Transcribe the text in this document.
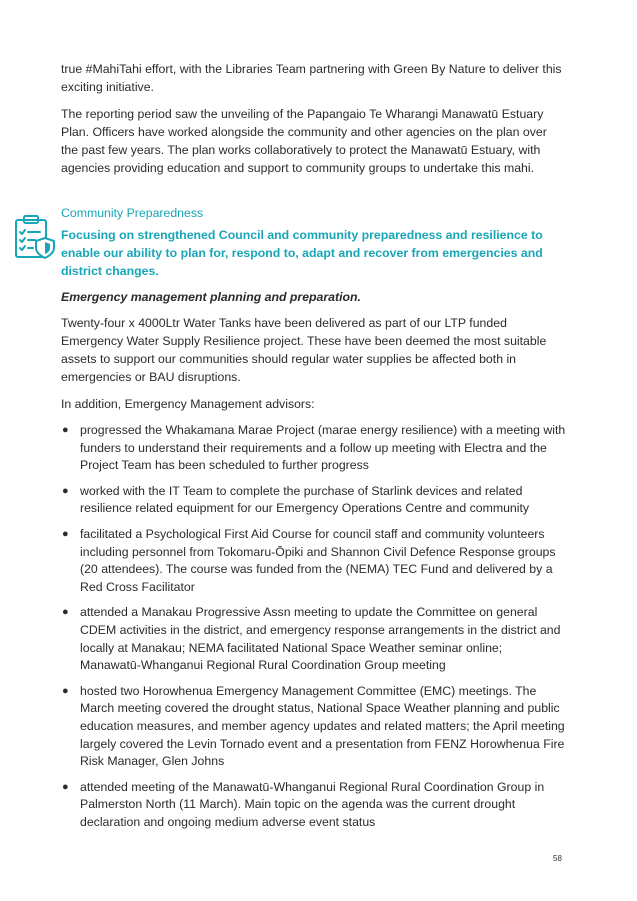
true #MahiTahi effort, with the Libraries Team partnering with Green By Nature to deliver this exciting initiative.

The reporting period saw the unveiling of the Papangaio Te Wharangi Manawatū Estuary Plan. Officers have worked alongside the community and other agencies on the plan over the past few years. The plan works collaboratively to protect the Manawatū Estuary, with agencies providing education and support to community groups to undertake this mahi.

Community Preparedness
Focusing on strengthened Council and community preparedness and resilience to enable our ability to plan for, respond to, adapt and recover from emergencies and district changes.
Emergency management planning and preparation.

Twenty-four x 4000Ltr Water Tanks have been delivered as part of our LTP funded Emergency Water Supply Resilience project. These have been deemed the most suitable assets to support our communities should regular water supplies be affected both in emergencies or BAU disruptions.

In addition, Emergency Management advisors:

● progressed the Whakamana Marae Project (marae energy resilience) with a meeting with funders to understand their requirements and a follow up meeting with Electra and the Project Team has been scheduled to further progress
● worked with the IT Team to complete the purchase of Starlink devices and related resilience related equipment for our Emergency Operations Centre and community
● facilitated a Psychological First Aid Course for council staff and community volunteers including personnel from Tokomaru-Ōpiki and Shannon Civil Defence Response groups (20 attendees). The course was funded from the (NEMA) TEC Fund and delivered by a Red Cross Facilitator
● attended a Manakau Progressive Assn meeting to update the Committee on general CDEM activities in the district, and emergency response arrangements in the district and locally at Manakau; NEMA facilitated National Space Weather seminar online; Manawatū-Whanganui Regional Rural Coordination Group meeting
● hosted two Horowhenua Emergency Management Committee (EMC) meetings. The March meeting covered the drought status, National Space Weather planning and public education measures, and member agency updates and related matters; the April meeting largely covered the Levin Tornado event and a presentation from FENZ Horowhenua Fire Risk Manager, Glen Johns
● attended meeting of the Manawatū-Whanganui Regional Rural Coordination Group in Palmerston North (11 March). Main topic on the agenda was the current drought declaration and ongoing medium adverse event status
58
